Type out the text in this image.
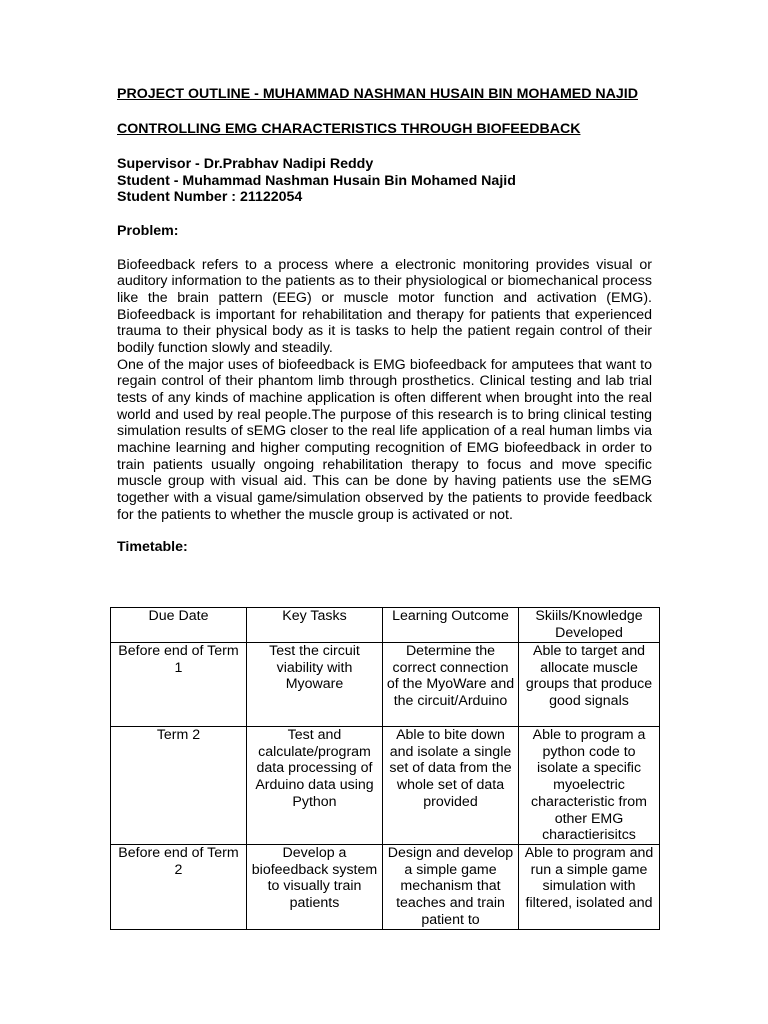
PROJECT OUTLINE - MUHAMMAD NASHMAN HUSAIN BIN MOHAMED NAJID

CONTROLLING EMG CHARACTERISTICS THROUGH BIOFEEDBACK

Supervisor - Dr.Prabhav Nadipi Reddy

Student - Muhammad Nashman Husain Bin Mohamed Najid

Student Number : 21122054

Problem:

Biofeedback refers to a process where a electronic monitoring provides visual or auditory information to the patients as to their physiological or biomechanical process like the brain pattern (EEG) or muscle motor function and activation (EMG). Biofeedback is important for rehabilitation and therapy for patients that experienced trauma to their physical body as it is tasks to help the patient regain control of their bodily function slowly and steadily.

One of the major uses of biofeedback is EMG biofeedback for amputees that want to regain control of their phantom limb through prosthetics. Clinical testing and lab trial tests of any kinds of machine application is often different when brought into the real world and used by real people.The purpose of this research is to bring clinical testing simulation results of sEMG closer to the real life application of a real human limbs via machine learning and higher computing recognition of EMG biofeedback in order to train patients usually ongoing rehabilitation therapy to focus and move specific muscle group with visual aid. This can be done by having patients use the sEMG together with a visual game/simulation observed by the patients to provide feedback for the patients to whether the muscle group is activated or not.

Timetable:

Due Date	Key Tasks	Learning Outcome	Skiils/Knowledge Developed
Before end of Term 1	Test the circuit viability with Myoware	Determine the correct connection of the MyoWare and the circuit/Arduino	Able to target and allocate muscle groups that produce good signals
Term 2	Test and calculate/program data processing of Arduino data using Python	Able to bite down and isolate a single set of data from the whole set of data provided	Able to program a python code to isolate a specific myoelectric characteristic from other EMG charactierisitcs
Before end of Term 2	Develop a biofeedback system to visually train patients	Design and develop a simple game mechanism that teaches and train patient to	Able to program and run a simple game simulation with filtered, isolated and
